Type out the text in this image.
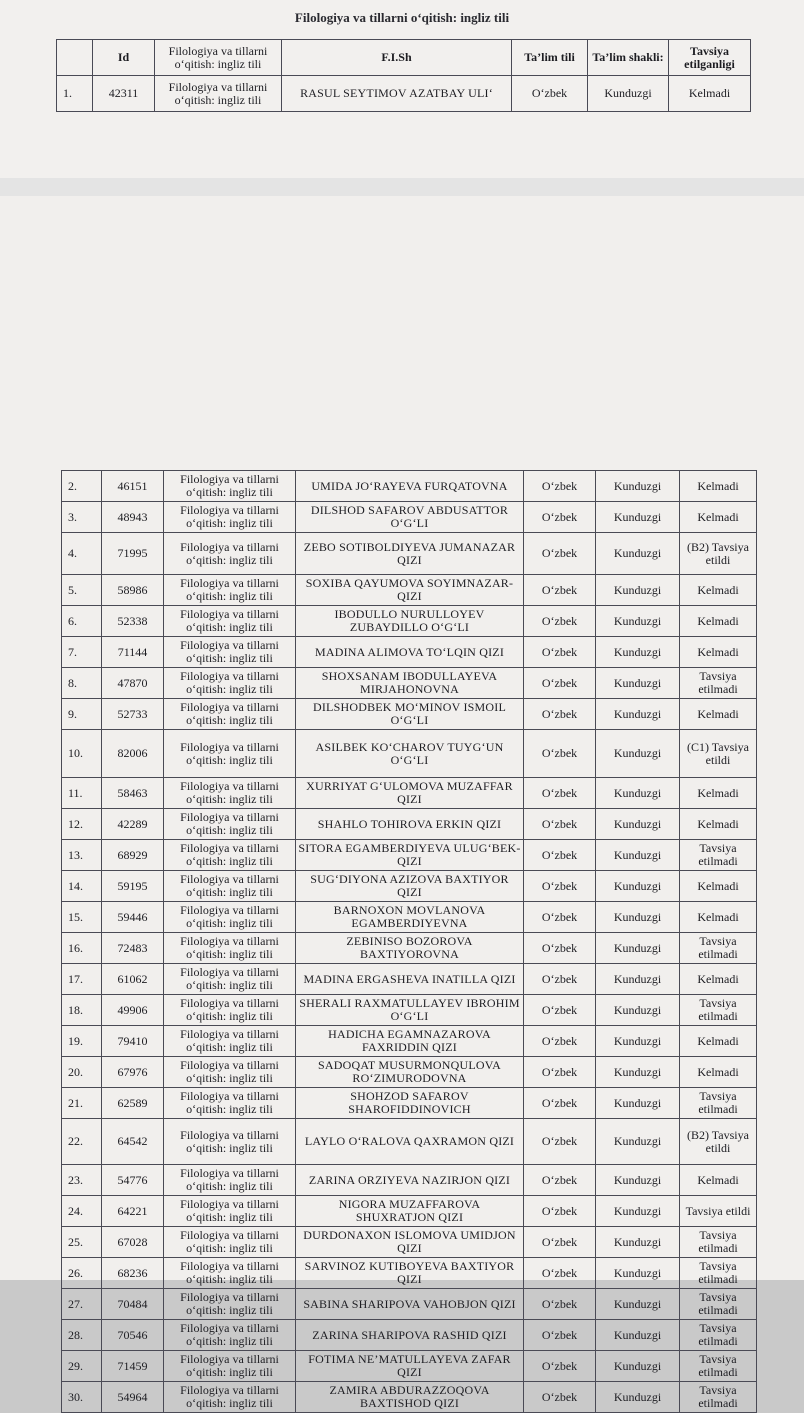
Filologiya va tillarni o‘qitish: ingliz tili
	Id	Filologiya va tillarni o‘qitish: ingliz tili	F.I.Sh	Ta’lim tili	Ta’lim shakli:	Tavsiya etilganligi
1.	42311	Filologiya va tillarni o‘qitish: ingliz tili	RASUL SEYTIMOV AZATBAY ULI‘	O‘zbek	Kunduzgi	Kelmadi
2.	46151	Filologiya va tillarni o‘qitish: ingliz tili	UMIDA JO‘RAYEVA FURQATOVNA	O‘zbek	Kunduzgi	Kelmadi
3.	48943	Filologiya va tillarni o‘qitish: ingliz tili	DILSHOD SAFAROV ABDUSATTOR O‘G‘LI	O‘zbek	Kunduzgi	Kelmadi
4.	71995	Filologiya va tillarni o‘qitish: ingliz tili	ZEBO SOTIBOLDIYEVA JUMANAZAR QIZI	O‘zbek	Kunduzgi	(B2) Tavsiya etildi
5.	58986	Filologiya va tillarni o‘qitish: ingliz tili	SOXIBA QAYUMOVA SOYIMNAZAR-QIZI	O‘zbek	Kunduzgi	Kelmadi
6.	52338	Filologiya va tillarni o‘qitish: ingliz tili	IBODULLO NURULLOYEV ZUBAYDILLO O‘G‘LI	O‘zbek	Kunduzgi	Kelmadi
7.	71144	Filologiya va tillarni o‘qitish: ingliz tili	MADINA ALIMOVA TO‘LQIN QIZI	O‘zbek	Kunduzgi	Kelmadi
8.	47870	Filologiya va tillarni o‘qitish: ingliz tili	SHOXSANAM IBODULLAYEVA MIRJAHONOVNA	O‘zbek	Kunduzgi	Tavsiya etilmadi
9.	52733	Filologiya va tillarni o‘qitish: ingliz tili	DILSHODBEK MO‘MINOV ISMOIL O‘G‘LI	O‘zbek	Kunduzgi	Kelmadi
10.	82006	Filologiya va tillarni o‘qitish: ingliz tili	ASILBEK KO‘CHAROV TUYG‘UN O‘G‘LI	O‘zbek	Kunduzgi	(C1) Tavsiya etildi
11.	58463	Filologiya va tillarni o‘qitish: ingliz tili	XURRIYAT G‘ULOMOVA MUZAFFAR QIZI	O‘zbek	Kunduzgi	Kelmadi
12.	42289	Filologiya va tillarni o‘qitish: ingliz tili	SHAHLO TOHIROVA ERKIN QIZI	O‘zbek	Kunduzgi	Kelmadi
13.	68929	Filologiya va tillarni o‘qitish: ingliz tili	SITORA EGAMBERDIYEVA ULUG‘BEK-QIZI	O‘zbek	Kunduzgi	Tavsiya etilmadi
14.	59195	Filologiya va tillarni o‘qitish: ingliz tili	SUG‘DIYONA AZIZOVA BAXTIYOR QIZI	O‘zbek	Kunduzgi	Kelmadi
15.	59446	Filologiya va tillarni o‘qitish: ingliz tili	BARNOXON MOVLANOVA EGAMBERDIYEVNA	O‘zbek	Kunduzgi	Kelmadi
16.	72483	Filologiya va tillarni o‘qitish: ingliz tili	ZEBINISO BOZOROVA BAXTIYOROVNA	O‘zbek	Kunduzgi	Tavsiya etilmadi
17.	61062	Filologiya va tillarni o‘qitish: ingliz tili	MADINA ERGASHEVA INATILLA QIZI	O‘zbek	Kunduzgi	Kelmadi
18.	49906	Filologiya va tillarni o‘qitish: ingliz tili	SHERALI RAXMATULLAYEV IBROHIM O‘G‘LI	O‘zbek	Kunduzgi	Tavsiya etilmadi
19.	79410	Filologiya va tillarni o‘qitish: ingliz tili	HADICHA EGAMNAZAROVA FAXRIDDIN QIZI	O‘zbek	Kunduzgi	Kelmadi
20.	67976	Filologiya va tillarni o‘qitish: ingliz tili	SADOQAT MUSURMONQULOVA RO‘ZIMURODOVNA	O‘zbek	Kunduzgi	Kelmadi
21.	62589	Filologiya va tillarni o‘qitish: ingliz tili	SHOHZOD SAFAROV SHAROFIDDINOVICH	O‘zbek	Kunduzgi	Tavsiya etilmadi
22.	64542	Filologiya va tillarni o‘qitish: ingliz tili	LAYLO O‘RALOVA QAXRAMON QIZI	O‘zbek	Kunduzgi	(B2) Tavsiya etildi
23.	54776	Filologiya va tillarni o‘qitish: ingliz tili	ZARINA ORZIYEVA NAZIRJON QIZI	O‘zbek	Kunduzgi	Kelmadi
24.	64221	Filologiya va tillarni o‘qitish: ingliz tili	NIGORA MUZAFFAROVA SHUXRATJON QIZI	O‘zbek	Kunduzgi	Tavsiya etildi
25.	67028	Filologiya va tillarni o‘qitish: ingliz tili	DURDONAXON ISLOMOVA UMIDJON QIZI	O‘zbek	Kunduzgi	Tavsiya etilmadi
26.	68236	Filologiya va tillarni o‘qitish: ingliz tili	SARVINOZ KUTIBOYEVA BAXTIYOR QIZI	O‘zbek	Kunduzgi	Tavsiya etilmadi
27.	70484	Filologiya va tillarni o‘qitish: ingliz tili	SABINA SHARIPOVA VAHOBJON QIZI	O‘zbek	Kunduzgi	Tavsiya etilmadi
28.	70546	Filologiya va tillarni o‘qitish: ingliz tili	ZARINA SHARIPOVA RASHID QIZI	O‘zbek	Kunduzgi	Tavsiya etilmadi
29.	71459	Filologiya va tillarni o‘qitish: ingliz tili	FOTIMA NE’MATULLAYEVA ZAFAR QIZI	O‘zbek	Kunduzgi	Tavsiya etilmadi
30.	54964	Filologiya va tillarni o‘qitish: ingliz tili	ZAMIRA ABDURAZZOQOVA BAXTISHOD QIZI	O‘zbek	Kunduzgi	Tavsiya etilmadi
